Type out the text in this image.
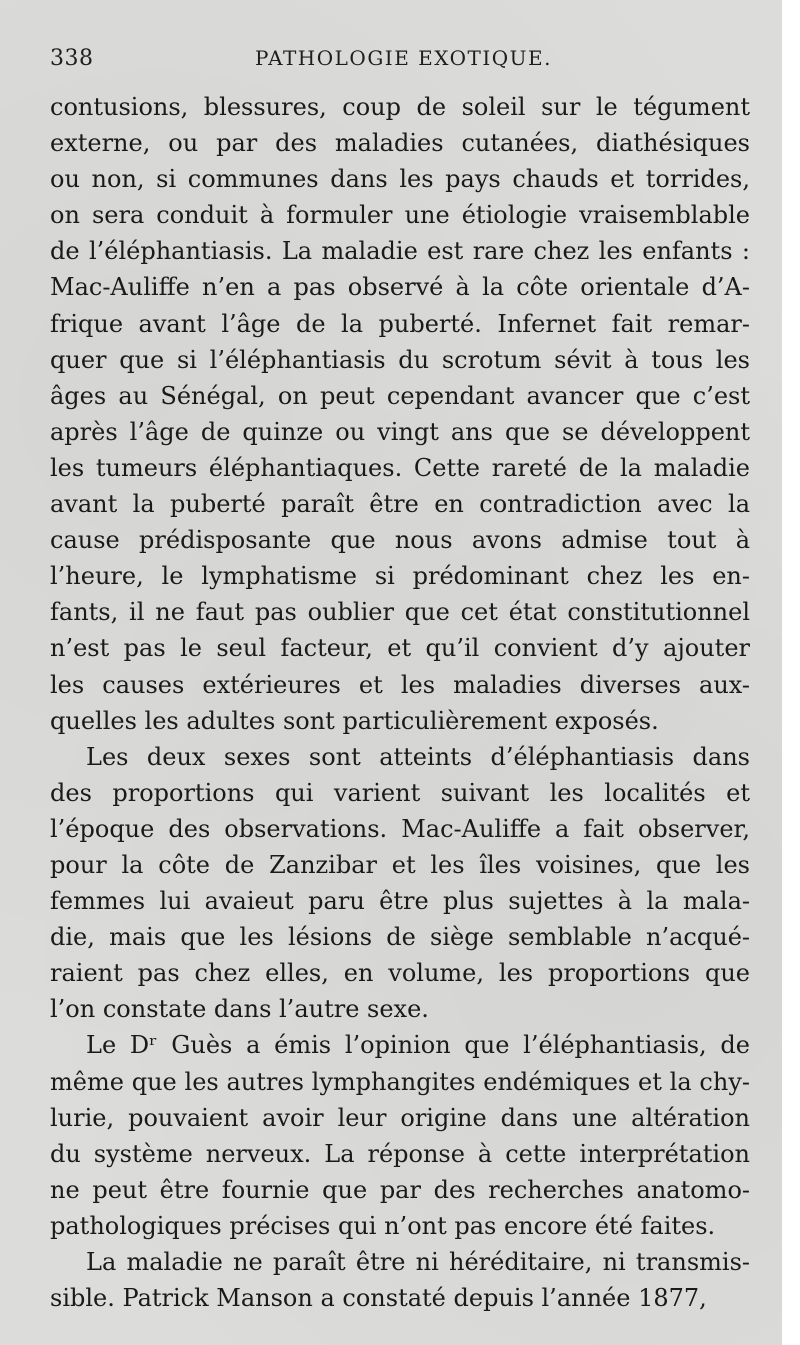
338	PATHOLOGIE EXOTIQUE.
contusions, blessures, coup de soleil sur le tégument
externe, ou par des maladies cutanées, diathésiques
ou non, si communes dans les pays chauds et torrides,
on sera conduit à formuler une étiologie vraisemblable
de l’éléphantiasis. La maladie est rare chez les enfants :
Mac-Auliffe n’en a pas observé à la côte orientale d’A-
frique avant l’âge de la puberté. Infernet fait remar-
quer que si l’éléphantiasis du scrotum sévit à tous les
âges au Sénégal, on peut cependant avancer que c’est
après l’âge de quinze ou vingt ans que se développent
les tumeurs éléphantiaques. Cette rareté de la maladie
avant la puberté paraît être en contradiction avec la
cause prédisposante que nous avons admise tout à
l’heure, le lymphatisme si prédominant chez les en-
fants, il ne faut pas oublier que cet état constitutionnel
n’est pas le seul facteur, et qu’il convient d’y ajouter
les causes extérieures et les maladies diverses aux-
quelles les adultes sont particulièrement exposés.
Les deux sexes sont atteints d’éléphantiasis dans
des proportions qui varient suivant les localités et
l’époque des observations. Mac-Auliffe a fait observer,
pour la côte de Zanzibar et les îles voisines, que les
femmes lui avaieut paru être plus sujettes à la mala-
die, mais que les lésions de siège semblable n’acqué-
raient pas chez elles, en volume, les proportions que
l’on constate dans l’autre sexe.
Le Dʳ Guès a émis l’opinion que l’éléphantiasis, de
même que les autres lymphangites endémiques et la chy-
lurie, pouvaient avoir leur origine dans une altération
du système nerveux. La réponse à cette interprétation
ne peut être fournie que par des recherches anatomo-
pathologiques précises qui n’ont pas encore été faites.
La maladie ne paraît être ni héréditaire, ni transmis-
sible. Patrick Manson a constaté depuis l’année 1877,
